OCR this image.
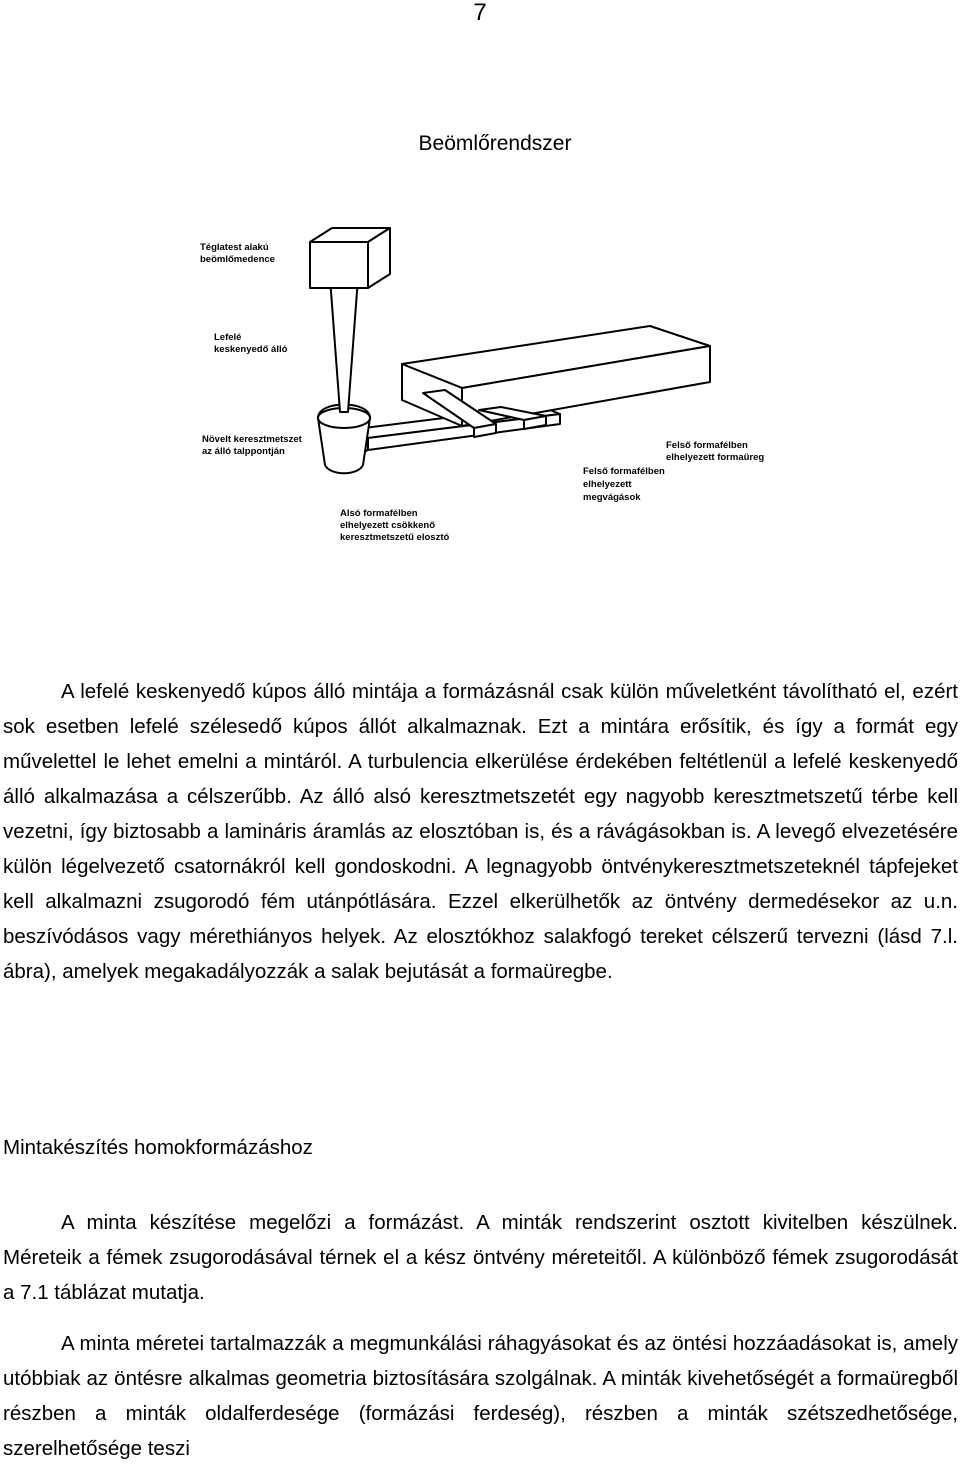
7
Beömlőrendszer
Téglatest alakú
beömlőmedence
Lefelé
keskenyedő álló
Növelt keresztmetszet
az álló talppontján
Alsó formafélben
elhelyezett csökkenő
keresztmetszetű elosztó
Felső formafélben
elhelyezett
megvágások
Felső formafélben
elhelyezett formaüreg

A lefelé keskenyedő kúpos álló mintája a formázásnál csak külön műveletként távolítható el, ezért sok esetben lefelé szélesedő kúpos állót alkalmaznak. Ezt a mintára erősítik, és így a formát egy művelettel le lehet emelni a mintáról. A turbulencia elkerülése érdekében feltétlenül a lefelé keskenyedő álló alkalmazása a célszerűbb. Az álló alsó keresztmetszetét egy nagyobb keresztmetszetű térbe kell vezetni, így biztosabb a lamináris áramlás az elosztóban is, és a rávágásokban is. A levegő elvezetésére külön légelvezető csatornákról kell gondoskodni. A legnagyobb öntvénykeresztmetszeteknél tápfejeket kell alkalmazni zsugorodó fém utánpótlására. Ezzel elkerülhetők az öntvény dermedésekor az u.n. beszívódásos vagy mérethiányos helyek. Az elosztókhoz salakfogó tereket célszerű tervezni (lásd 7.l. ábra), amelyek megakadályozzák a salak bejutását a formaüregbe.

Mintakészítés homokformázáshoz

A minta készítése megelőzi a formázást. A minták rendszerint osztott kivitelben készülnek. Méreteik a fémek zsugorodásával térnek el a kész öntvény méreteitől. A különböző fémek zsugorodását a 7.1 táblázat mutatja.

A minta méretei tartalmazzák a megmunkálási ráhagyásokat és az öntési hozzáadásokat is, amely utóbbiak az öntésre alkalmas geometria biztosítására szolgálnak. A minták kivehetőségét a formaüregből részben a minták oldalferdesége (formázási ferdeség), részben a minták szétszedhetősége, szerelhetősége teszi
